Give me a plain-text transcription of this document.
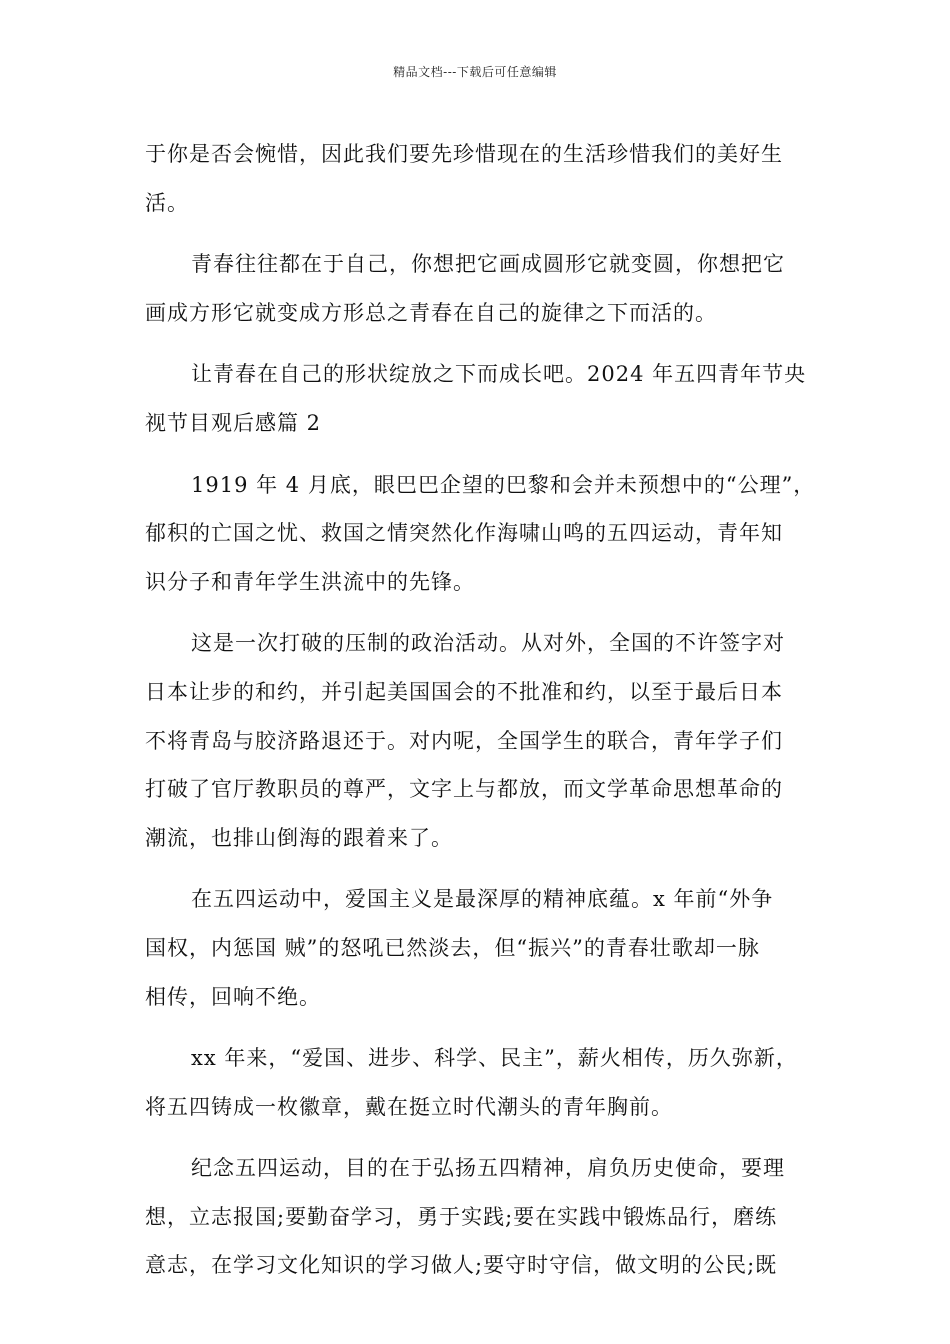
精品文档---下载后可任意编辑
于你是否会惋惜，因此我们要先珍惜现在的生活珍惜我们的美好生
活。
青春往往都在于自己，你想把它画成圆形它就变圆，你想把它
画成方形它就变成方形总之青春在自己的旋律之下而活的。
让青春在自己的形状绽放之下而成长吧。2024 年五四青年节央
视节目观后感篇 2
1919 年 4 月底，眼巴巴企望的巴黎和会并未预想中的“公理”，
郁积的亡国之忧、救国之情突然化作海啸山鸣的五四运动，青年知
识分子和青年学生洪流中的先锋。
这是一次打破的压制的政治活动。从对外，全国的不许签字对
日本让步的和约，并引起美国国会的不批准和约，以至于最后日本
不将青岛与胶济路退还于。对内呢，全国学生的联合，青年学子们
打破了官厅教职员的尊严，文字上与都放，而文学革命思想革命的
潮流，也排山倒海的跟着来了。
在五四运动中，爱国主义是最深厚的精神底蕴。x 年前“外争
国权，内惩国 贼”的怒吼已然淡去，但“振兴”的青春壮歌却一脉
相传，回响不绝。
xx 年来，“爱国、进步、科学、民主”，薪火相传，历久弥新，
将五四铸成一枚徽章，戴在挺立时代潮头的青年胸前。
纪念五四运动，目的在于弘扬五四精神，肩负历史使命，要理
想，立志报国;要勤奋学习，勇于实践;要在实践中锻炼品行，磨练
意志，在学习文化知识的学习做人;要守时守信，做文明的公民;既
